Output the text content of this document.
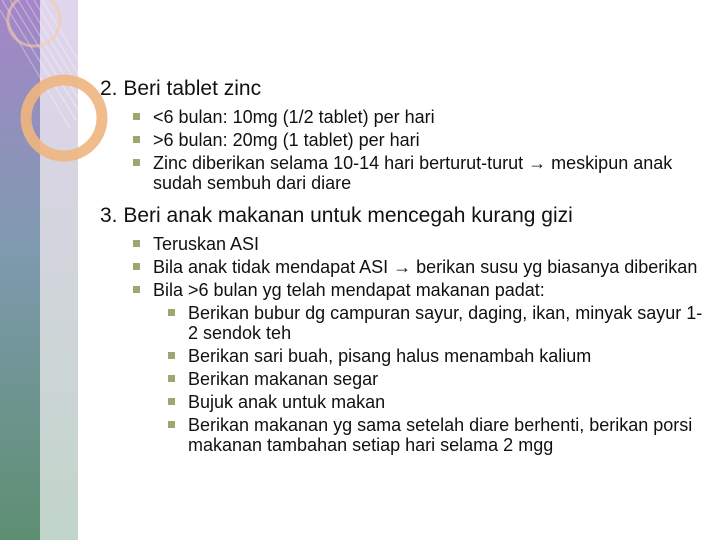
2. Beri tablet zinc
<6 bulan: 10mg (1/2 tablet) per hari
>6 bulan: 20mg (1 tablet) per hari
Zinc diberikan selama 10-14 hari berturut-turut → meskipun anak sudah sembuh dari diare
3. Beri anak makanan untuk mencegah kurang gizi
Teruskan ASI
Bila anak tidak mendapat ASI → berikan susu yg biasanya diberikan
Bila >6 bulan yg telah mendapat makanan padat:
Berikan bubur dg campuran sayur, daging, ikan, minyak sayur 1-2 sendok teh
Berikan sari buah, pisang halus menambah kalium
Berikan makanan segar
Bujuk anak untuk makan
Berikan makanan yg sama setelah diare berhenti, berikan porsi makanan tambahan setiap hari selama 2 mgg
